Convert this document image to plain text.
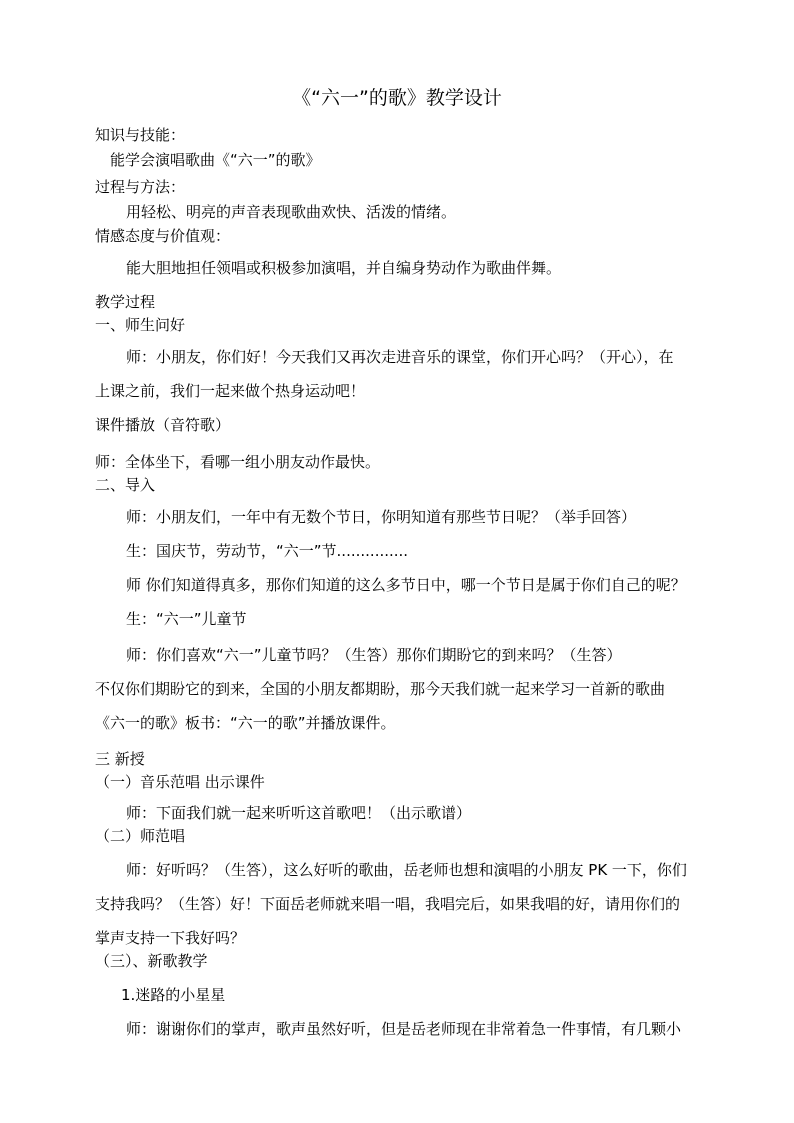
《“六一”的歌》教学设计
知识与技能：
能学会演唱歌曲《“六一”的歌》
过程与方法：
用轻松、明亮的声音表现歌曲欢快、活泼的情绪。
情感态度与价值观：
能大胆地担任领唱或积极参加演唱，并自编身势动作为歌曲伴舞。
教学过程
一、师生问好
师：小朋友，你们好！今天我们又再次走进音乐的课堂，你们开心吗？（开心），在
上课之前，我们一起来做个热身运动吧！
课件播放（音符歌）
师：全体坐下，看哪一组小朋友动作最快。
二、导入
师：小朋友们，一年中有无数个节日，你明知道有那些节日呢？（举手回答）
生：国庆节，劳动节，“六一”节...............
师 你们知道得真多，那你们知道的这么多节日中，哪一个节日是属于你们自己的呢？
生：“六一”儿童节
师：你们喜欢“六一”儿童节吗？（生答）那你们期盼它的到来吗？（生答）
不仅你们期盼它的到来，全国的小朋友都期盼，那今天我们就一起来学习一首新的歌曲
《六一的歌》板书：“六一的歌”并播放课件。
三 新授
（一）音乐范唱 出示课件
师：下面我们就一起来听听这首歌吧！（出示歌谱）
（二）师范唱
师：好听吗？（生答），这么好听的歌曲，岳老师也想和演唱的小朋友 PK 一下，你们
支持我吗？（生答）好！下面岳老师就来唱一唱，我唱完后，如果我唱的好，请用你们的
掌声支持一下我好吗？
（三）、新歌教学
1.迷路的小星星
师：谢谢你们的掌声，歌声虽然好听，但是岳老师现在非常着急一件事情，有几颗小
